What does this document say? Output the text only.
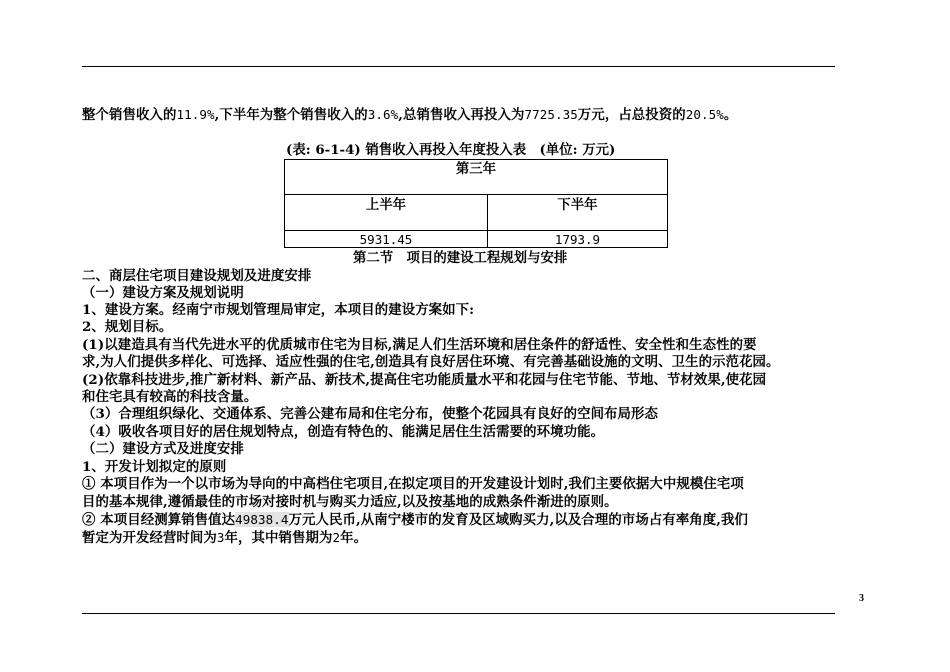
整个销售收入的11.9%,下半年为整个销售收入的3.6%,总销售收入再投入为7725.35万元，占总投资的20.5%。
(表: 6-1-4) 销售收入再投入年度投入表　(单位: 万元)
第三年
上半年	下半年
5931.45	1793.9
第二节　项目的建设工程规划与安排
二、商层住宅项目建设规划及进度安排
（一）建设方案及规划说明
1、建设方案。经南宁市规划管理局审定，本项目的建设方案如下:
2、规划目标。
(1)以建造具有当代先进水平的优质城市住宅为目标,满足人们生活环境和居住条件的舒适性、安全性和生态性的要
求,为人们提供多样化、可选择、适应性强的住宅,创造具有良好居住环境、有完善基础设施的文明、卫生的示范花园。
(2)依靠科技进步,推广新材料、新产品、新技术,提高住宅功能质量水平和花园与住宅节能、节地、节材效果,使花园
和住宅具有较高的科技含量。
（3）合理组织绿化、交通体系、完善公建布局和住宅分布，使整个花园具有良好的空间布局形态
（4）吸收各项目好的居住规划特点，创造有特色的、能满足居住生活需要的环境功能。
（二）建设方式及进度安排
1、开发计划拟定的原则
① 本项目作为一个以市场为导向的中高档住宅项目,在拟定项目的开发建设计划时,我们主要依据大中规模住宅项
目的基本规律,遵循最佳的市场对接时机与购买力适应,以及按基地的成熟条件渐进的原则。
② 本项目经测算销售值达49838.4万元人民币,从南宁楼市的发育及区域购买力,以及合理的市场占有率角度,我们
暂定为开发经营时间为3年，其中销售期为2年。
3
